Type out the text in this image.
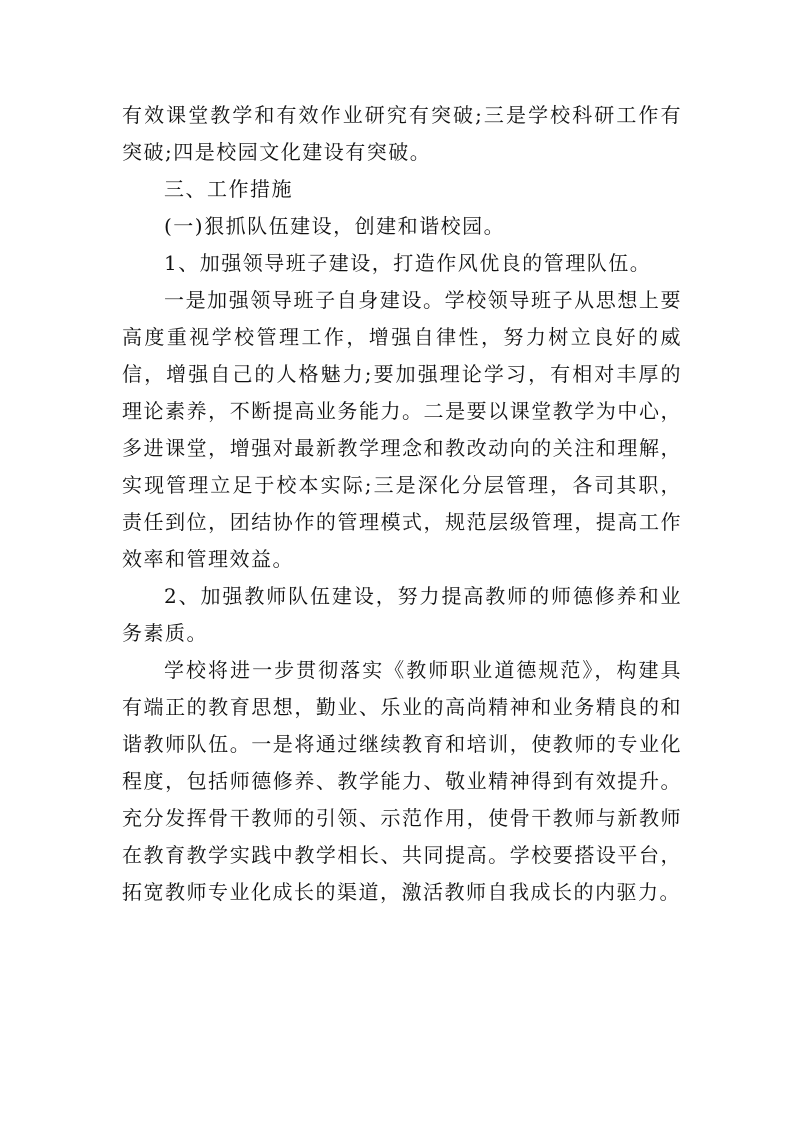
有效课堂教学和有效作业研究有突破;三是学校科研工作有突破;四是校园文化建设有突破。

三、工作措施

(一)狠抓队伍建设，创建和谐校园。

1、加强领导班子建设，打造作风优良的管理队伍。

一是加强领导班子自身建设。学校领导班子从思想上要高度重视学校管理工作，增强自律性，努力树立良好的威信，增强自己的人格魅力;要加强理论学习，有相对丰厚的理论素养，不断提高业务能力。二是要以课堂教学为中心，多进课堂，增强对最新教学理念和教改动向的关注和理解，实现管理立足于校本实际;三是深化分层管理，各司其职，责任到位，团结协作的管理模式，规范层级管理，提高工作效率和管理效益。

2、加强教师队伍建设，努力提高教师的师德修养和业务素质。

学校将进一步贯彻落实《教师职业道德规范》，构建具有端正的教育思想，勤业、乐业的高尚精神和业务精良的和谐教师队伍。一是将通过继续教育和培训，使教师的专业化程度，包括师德修养、教学能力、敬业精神得到有效提升。充分发挥骨干教师的引领、示范作用，使骨干教师与新教师在教育教学实践中教学相长、共同提高。学校要搭设平台，拓宽教师专业化成长的渠道，激活教师自我成长的内驱力。
